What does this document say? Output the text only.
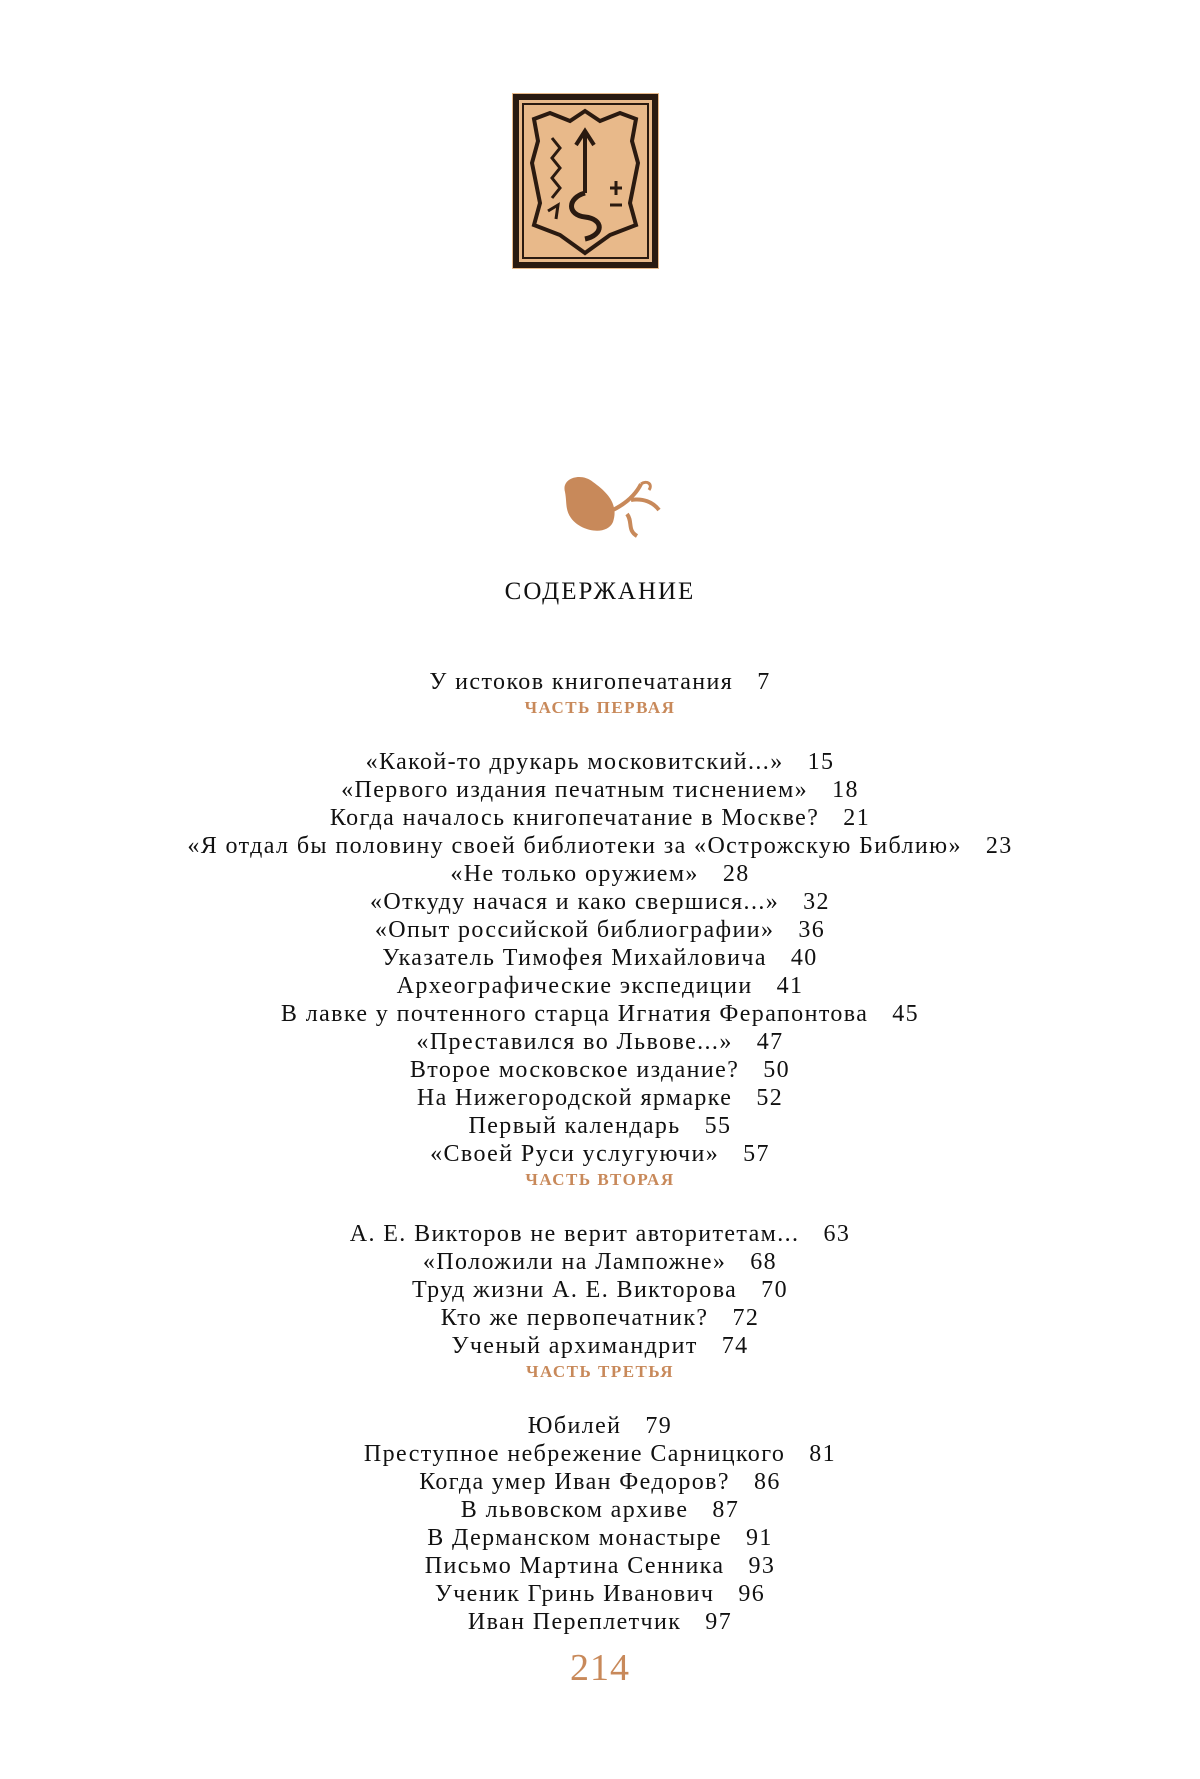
СОДЕРЖАНИЕ
У истоков книгопечатания 7
ЧАСТЬ ПЕРВАЯ
«Какой-то друкарь московитский...» 15
«Первого издания печатным тиснением» 18
Когда началось книгопечатание в Москве? 21
«Я отдал бы половину своей библиотеки за «Острожскую Библию» 23
«Не только оружием» 28
«Откуду начася и како свершися...» 32
«Опыт российской библиографии» 36
Указатель Тимофея Михайловича 40
Археографические экспедиции 41
В лавке у почтенного старца Игнатия Ферапонтова 45
«Преставился во Львове...» 47
Второе московское издание? 50
На Нижегородской ярмарке 52
Первый календарь 55
«Своей Руси услугуючи» 57
ЧАСТЬ ВТОРАЯ
А. Е. Викторов не верит авторитетам... 63
«Положили на Лампожне» 68
Труд жизни А. Е. Викторова 70
Кто же первопечатник? 72
Ученый архимандрит 74
ЧАСТЬ ТРЕТЬЯ
Юбилей 79
Преступное небрежение Сарницкого 81
Когда умер Иван Федоров? 86
В львовском архиве 87
В Дерманском монастыре 91
Письмо Мартина Сенника 93
Ученик Гринь Иванович 96
Иван Переплетчик 97
214
